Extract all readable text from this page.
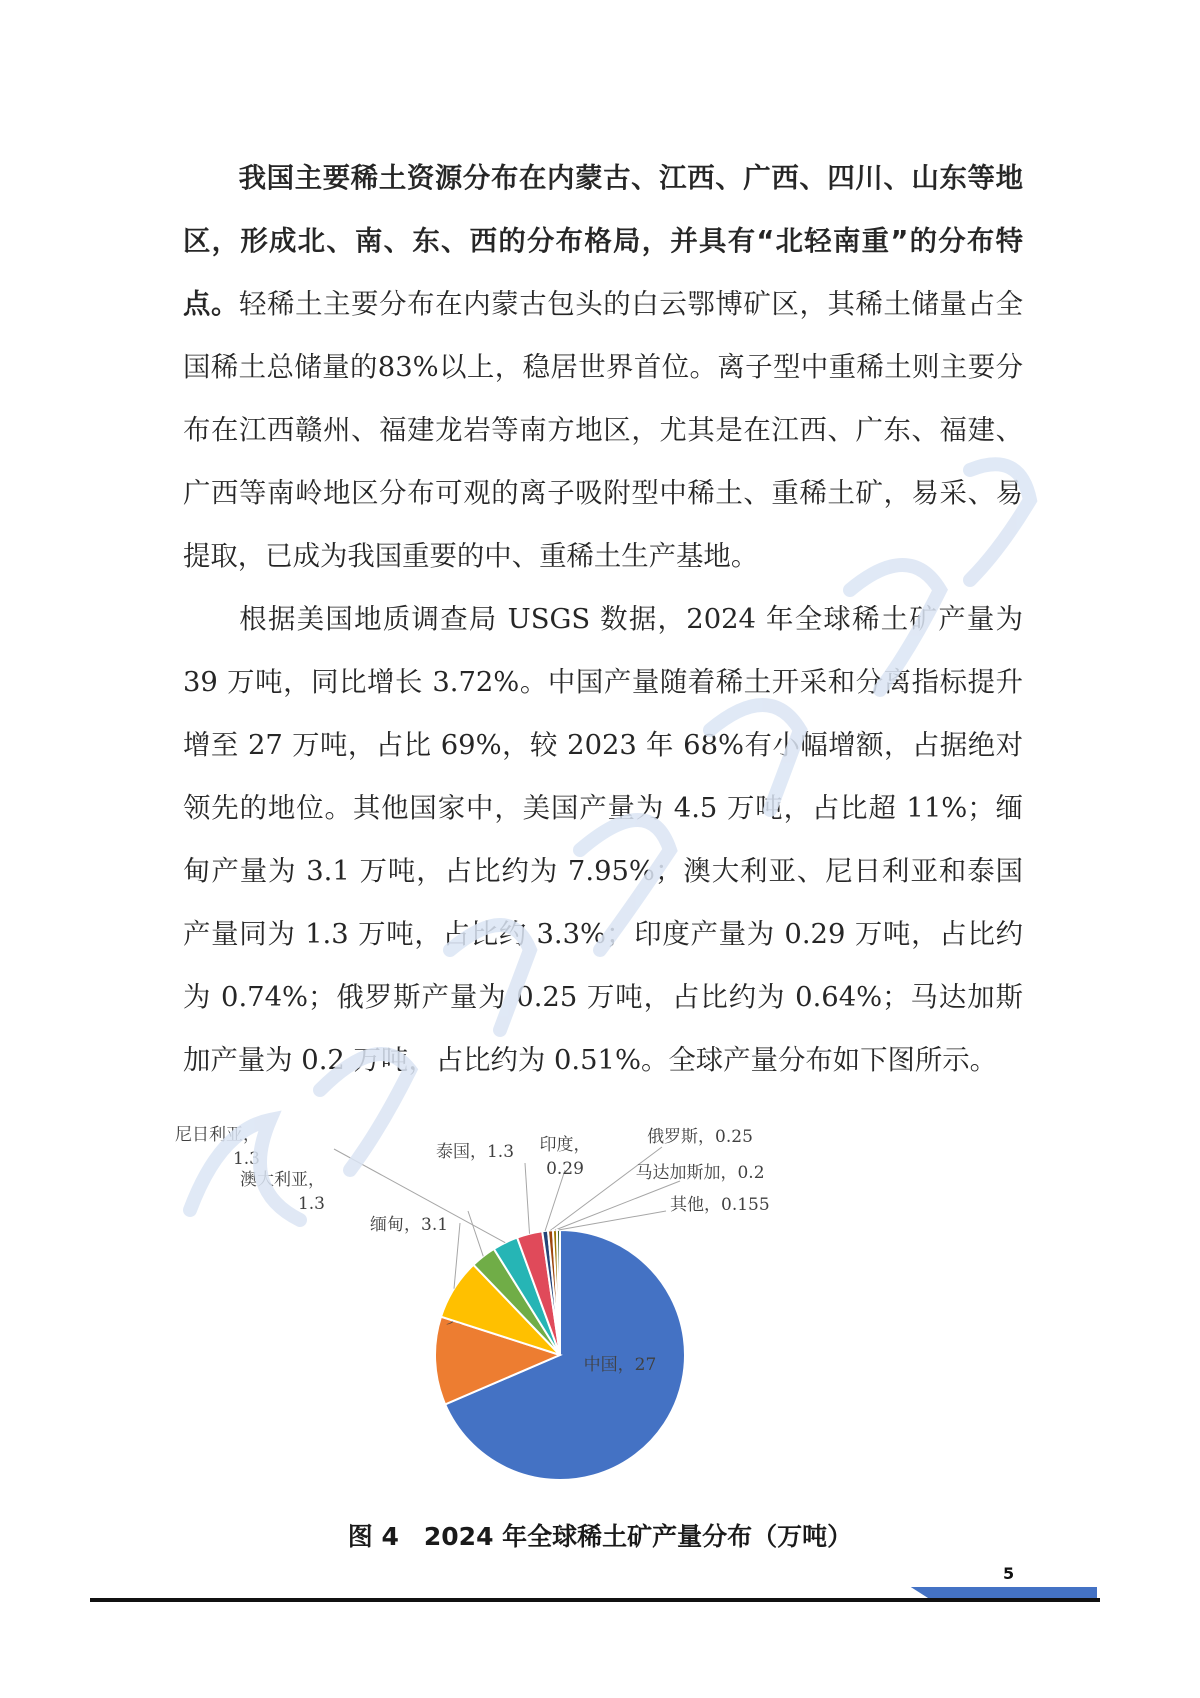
我国主要稀土资源分布在内蒙古、江西、广西、四川、山东等地区，形成北、南、东、西的分布格局，并具有“北轻南重”的分布特点。轻稀土主要分布在内蒙古包头的白云鄂博矿区，其稀土储量占全国稀土总储量的83%以上，稳居世界首位。离子型中重稀土则主要分布在江西赣州、福建龙岩等南方地区，尤其是在江西、广东、福建、广西等南岭地区分布可观的离子吸附型中稀土、重稀土矿，易采、易提取，已成为我国重要的中、重稀土生产基地。

根据美国地质调查局 USGS 数据，2024 年全球稀土矿产量为 39 万吨，同比增长 3.72%。中国产量随着稀土开采和分离指标提升增至 27 万吨，占比 69%，较 2023 年 68%有小幅增额，占据绝对领先的地位。其他国家中，美国产量为 4.5 万吨，占比超 11%；缅甸产量为 3.1 万吨，占比约为 7.95%；澳大利亚、尼日利亚和泰国产量同为 1.3 万吨，占比约 3.3%；印度产量为 0.29 万吨，占比约为 0.74%；俄罗斯产量为 0.25 万吨，占比约为 0.64%；马达加斯加产量为 0.2 万吨，占比约为 0.51%。全球产量分布如下图所示。

中国，27
缅甸，3.1
澳大利亚， 1.3
尼日利亚， 1.3	泰国，1.3 印度， 0.29
俄罗斯，0.25
马达加斯加，0.2
其他，0.155
图 4　2024 年全球稀土矿产量分布（万吨）
5
